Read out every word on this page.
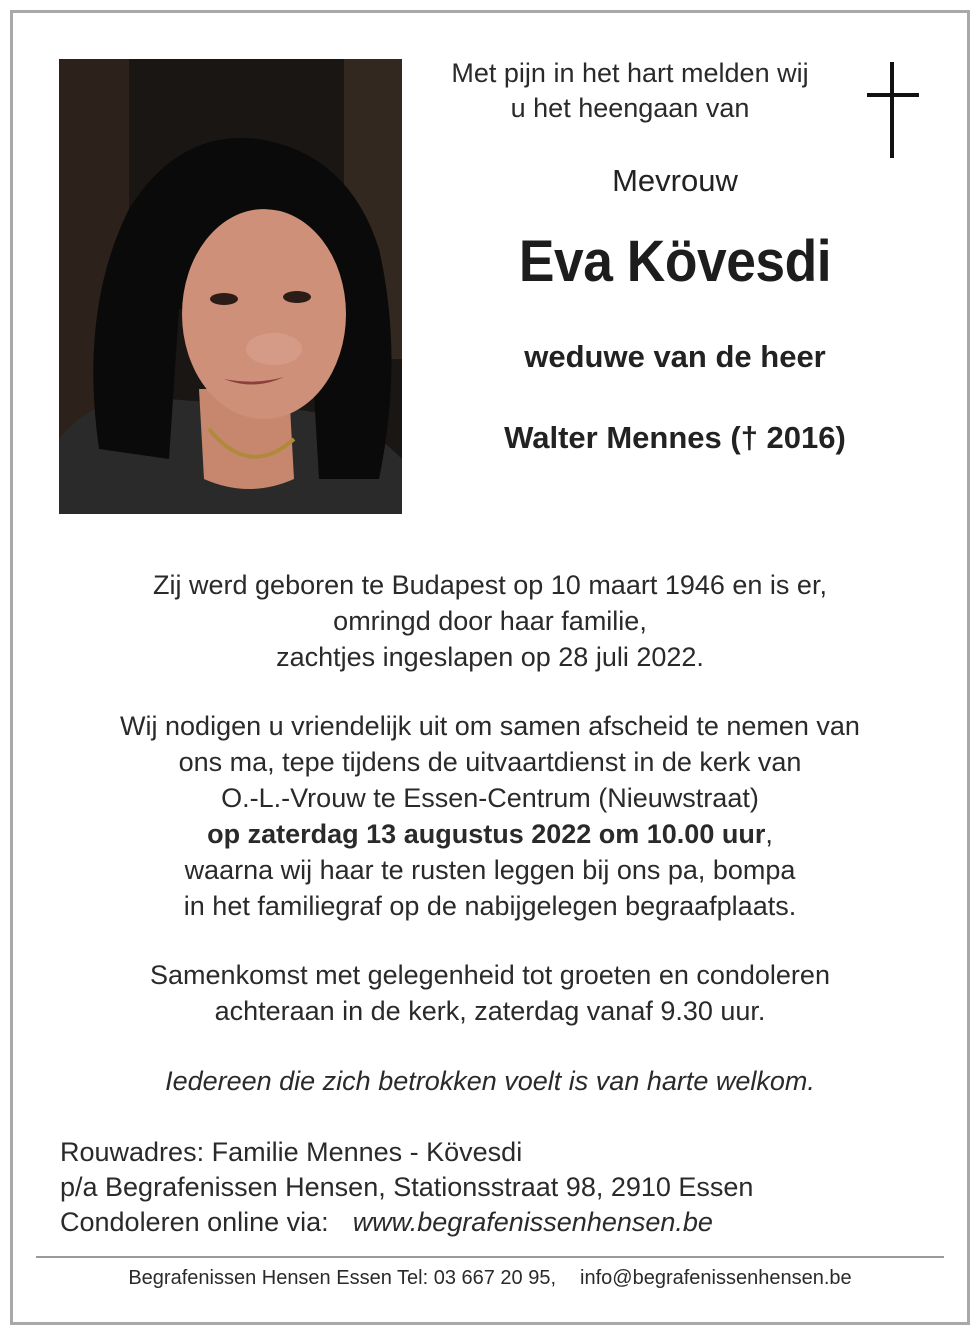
Met pijn in het hart melden wij
u het heengaan van
Mevrouw
Eva Kövesdi
weduwe van de heer
Walter Mennes († 2016)
Zij werd geboren te Budapest op 10 maart 1946 en is er,
omringd door haar familie,
zachtjes ingeslapen op 28 juli 2022.
Wij nodigen u vriendelijk uit om samen afscheid te nemen van
ons ma, tepe tijdens de uitvaartdienst in de kerk van
O.-L.-Vrouw te Essen-Centrum (Nieuwstraat)
op zaterdag 13 augustus 2022 om 10.00 uur,
waarna wij haar te rusten leggen bij ons pa, bompa
in het familiegraf op de nabijgelegen begraafplaats.
Samenkomst met gelegenheid tot groeten en condoleren
achteraan in de kerk, zaterdag vanaf 9.30 uur.
Iedereen die zich betrokken voelt is van harte welkom.
Rouwadres: Familie Mennes - Kövesdi
p/a Begrafenissen Hensen, Stationsstraat 98, 2910 Essen
Condoleren online via: www.begrafenissenhensen.be
Begrafenissen Hensen Essen Tel: 03 667 20 95, info@begrafenissenhensen.be
